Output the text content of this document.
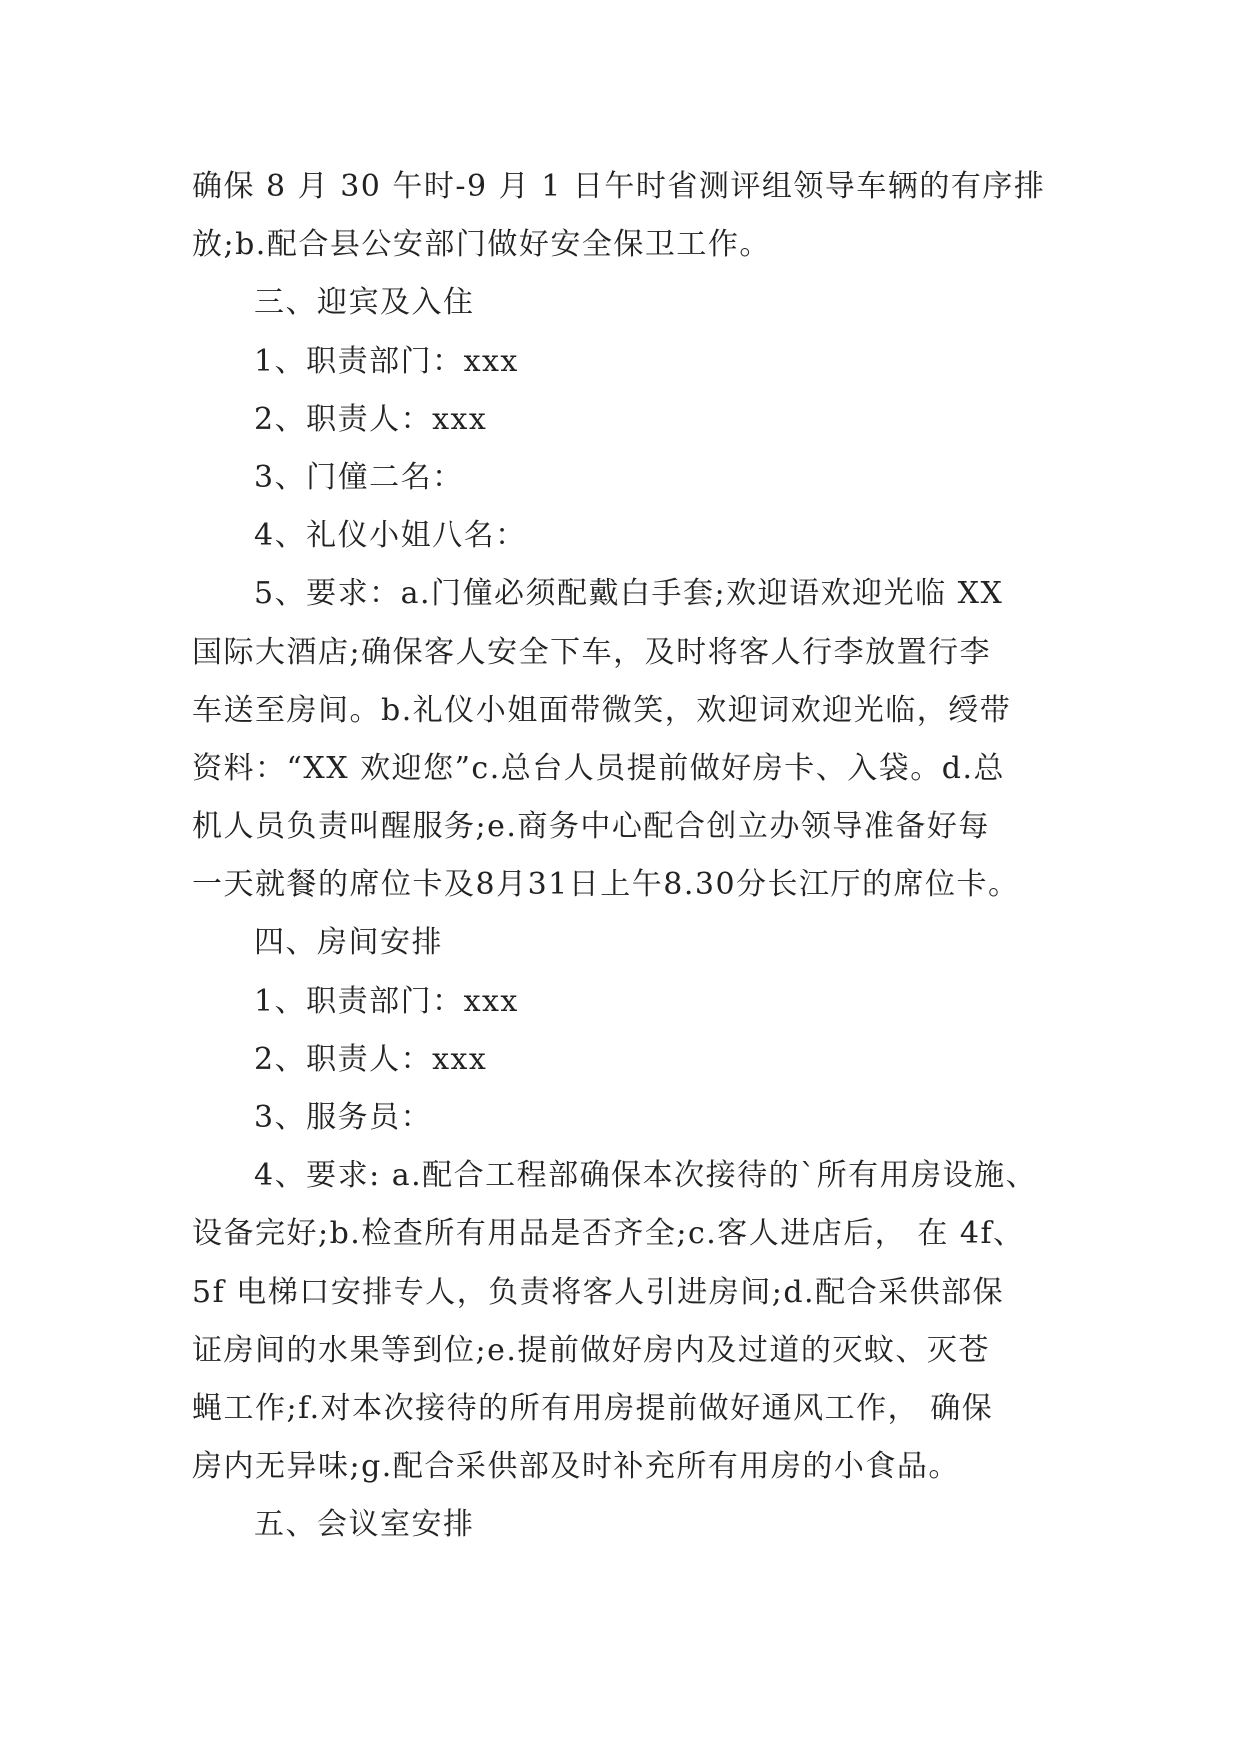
确保 8 月 30 午时-9 月 1 日午时省测评组领导车辆的有序排
放;b.配合县公安部门做好安全保卫工作。
三、迎宾及入住
1、职责部门：xxx
2、职责人：xxx
3、门僮二名：
4、礼仪小姐八名：
5、要求：a.门僮必须配戴白手套;欢迎语欢迎光临 XX
国际大酒店;确保客人安全下车，及时将客人行李放置行李
车送至房间。b.礼仪小姐面带微笑，欢迎词欢迎光临，绶带
资料：“XX 欢迎您”c.总台人员提前做好房卡、入袋。d.总
机人员负责叫醒服务;e.商务中心配合创立办领导准备好每
一天就餐的席位卡及8月31日上午8.30分长江厅的席位卡。
四、房间安排
1、职责部门：xxx
2、职责人：xxx
3、服务员：
4、要求: a.配合工程部确保本次接待的`所有用房设施、
设备完好;b.检查所有用品是否齐全;c.客人进店后， 在 4f、
5f 电梯口安排专人，负责将客人引进房间;d.配合采供部保
证房间的水果等到位;e.提前做好房内及过道的灭蚊、灭苍
蝇工作;f.对本次接待的所有用房提前做好通风工作， 确保
房内无异味;g.配合采供部及时补充所有用房的小食品。
五、会议室安排
